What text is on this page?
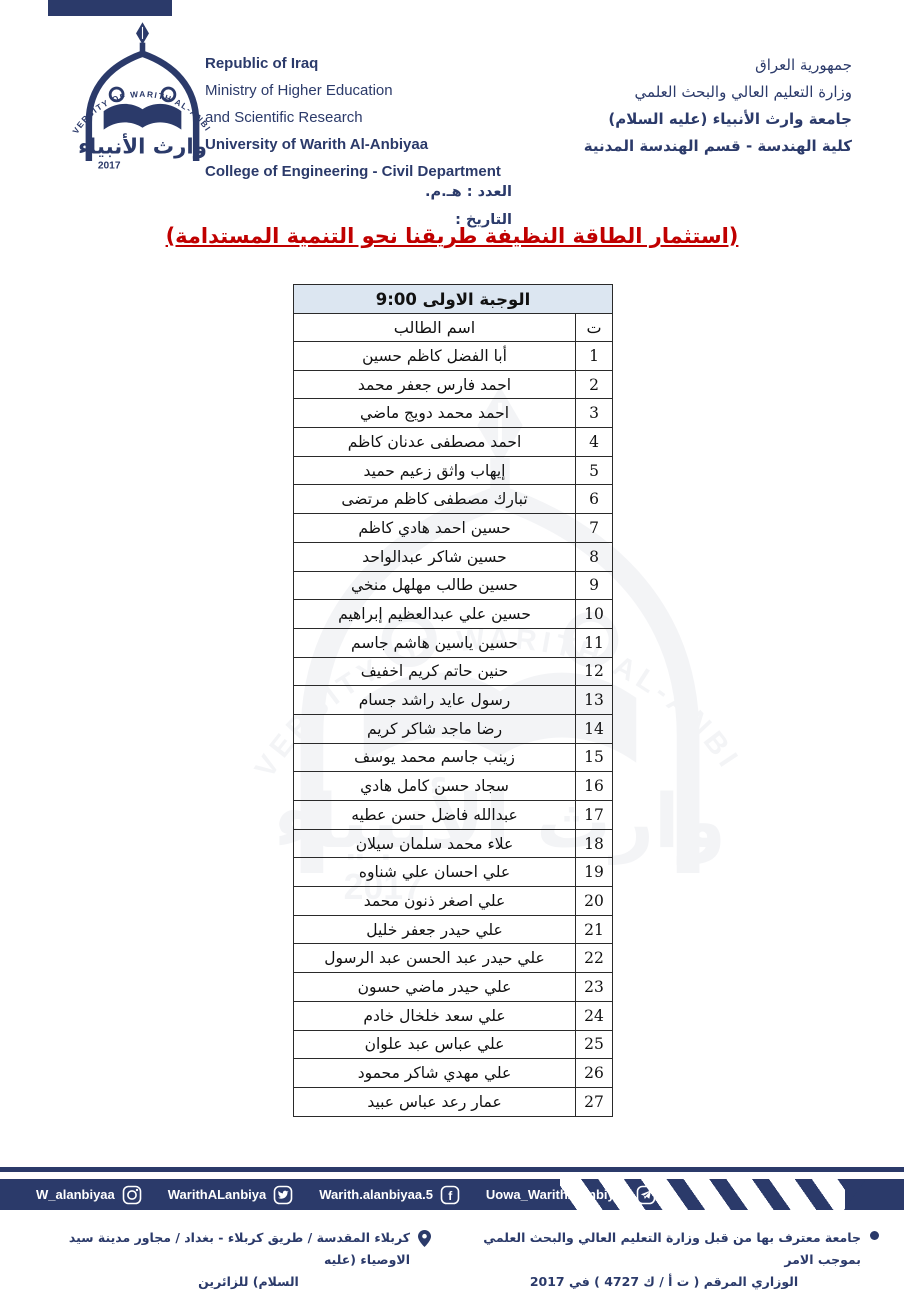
Republic of Iraq
Ministry of Higher Education
and Scientific Research
University of Warith Al-Anbiyaa
College of Engineering - Civil Department
جمهورية العراق
وزارة التعليم العالي والبحث العلمي
جامعة وارث الأنبياء (عليه السلام)
كلية الهندسة - قسم الهندسة المدنية
العدد : هـ.م.
التاريخ :
(استثمار الطاقة النظيفة طريقنا نحو التنمية المستدامة)
الوجبة الاولى 9:00	
ت	اسم الطالب
1	أبا الفضل كاظم حسين
2	احمد فارس جعفر محمد
3	احمد محمد دويج ماضي
4	احمد مصطفى عدنان كاظم
5	إيهاب واثق زعيم حميد
6	تبارك مصطفى كاظم مرتضى
7	حسين احمد هادي كاظم
8	حسين شاكر عبدالواحد
9	حسين طالب مهلهل منخي
10	حسين علي عبدالعظيم إبراهيم
11	حسين ياسين هاشم جاسم
12	حنين حاتم كريم اخفيف
13	رسول عايد راشد جسام
14	رضا ماجد شاكر كريم
15	زينب جاسم محمد يوسف
16	سجاد حسن كامل هادي
17	عبدالله فاضل حسن عطيه
18	علاء محمد سلمان سيلان
19	علي احسان علي شناوه
20	علي اصغر ذنون محمد
21	علي حيدر جعفر خليل
22	علي حيدر عبد الحسن عبد الرسول
23	علي حيدر ماضي حسون
24	علي سعد خلخال خادم
25	علي عباس عبد علوان
26	علي مهدي شاكر محمود
27	عمار رعد عباس عبيد
W_alanbiyaa	WarithALanbiya	Warith.alanbiyaa.5 f	Uowa_WarithAlanbiyaa
كربلاء المقدسة / طريق كربلاء - بغداد / مجاور مدينة سيد الاوصياء (عليه
السلام) للزائرين
جامعة معترف بها من قبل وزارة التعليم العالي والبحث العلمي بموجب الامر
الوزاري المرقم ( ت أ / ك 4727 ) في 2017
